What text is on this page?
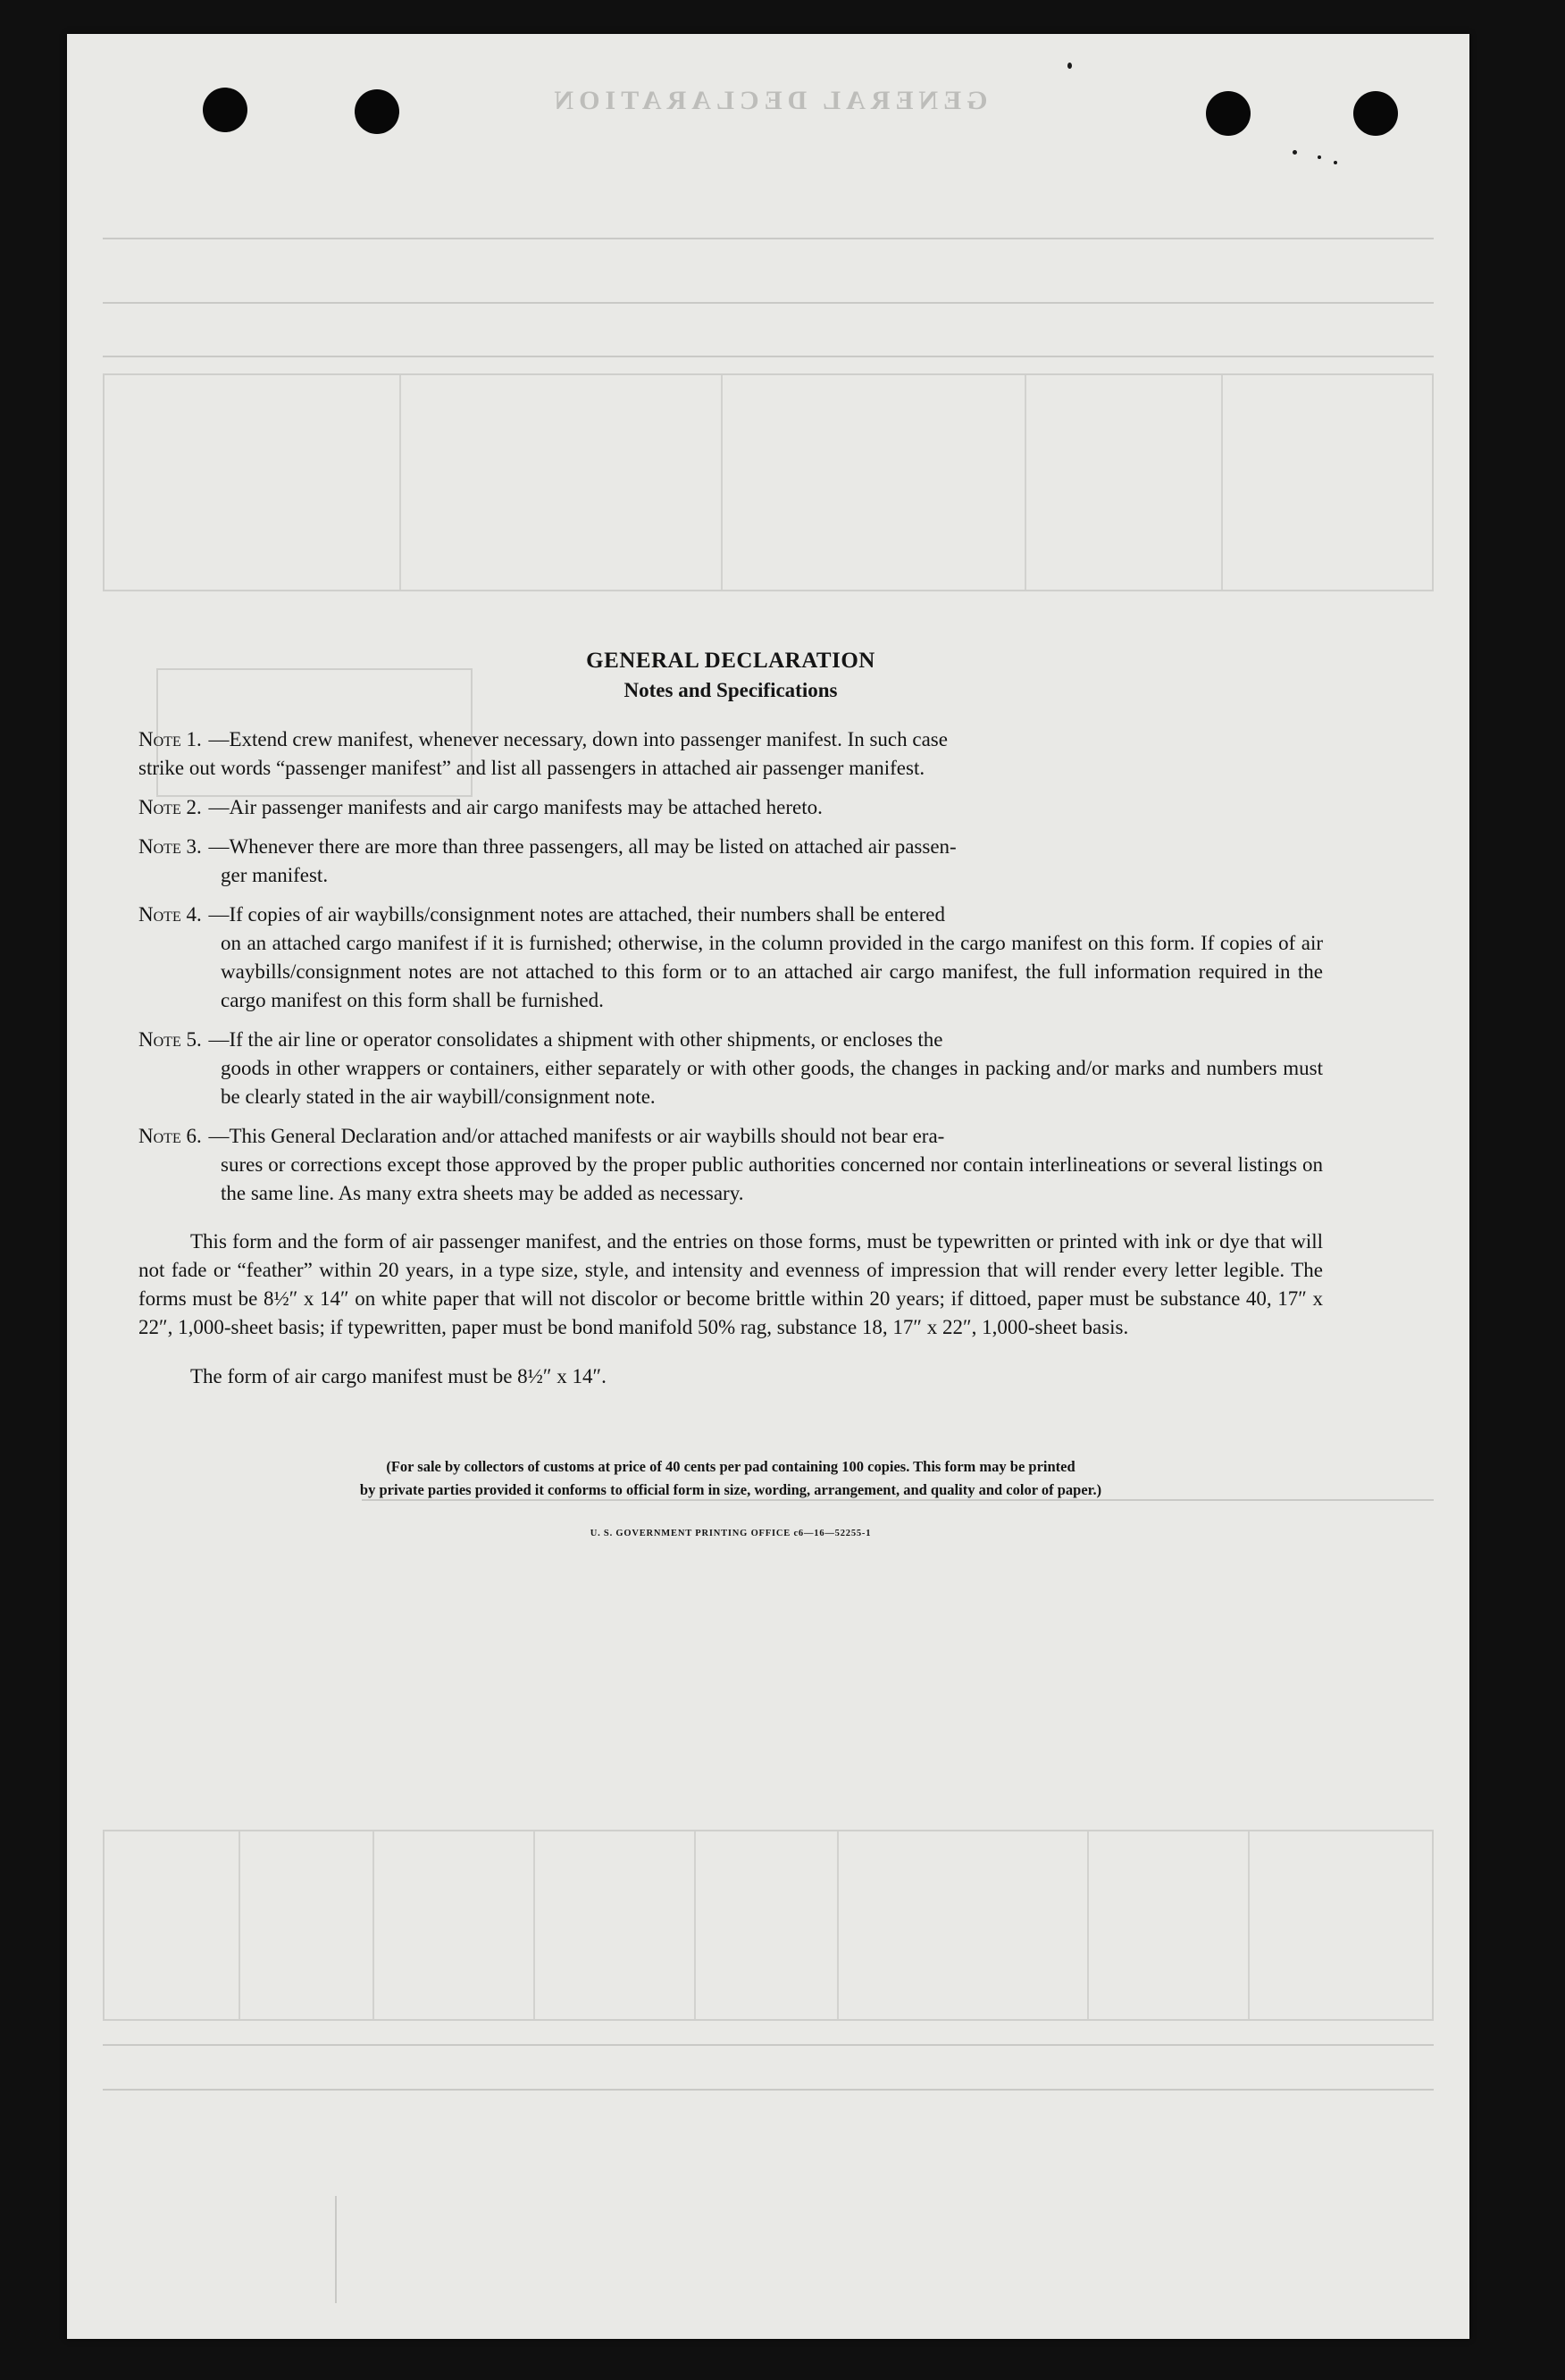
GENERAL DECLARATION
GENERAL DECLARATION
Notes and Specifications
Note 1. —Extend crew manifest, whenever necessary, down into passenger manifest. In such case
strike out words “passenger manifest” and list all passengers in attached air passenger manifest.
Note 2. —Air passenger manifests and air cargo manifests may be attached hereto.
Note 3. —Whenever there are more than three passengers, all may be listed on attached air passen-
ger manifest.
Note 4. —If copies of air waybills/consignment notes are attached, their numbers shall be entered
on an attached cargo manifest if it is furnished; otherwise, in the column provided in the cargo manifest on this form. If copies of air waybills/consignment notes are not attached to this form or to an attached air cargo manifest, the full information required in the cargo manifest on this form shall be furnished.
Note 5. —If the air line or operator consolidates a shipment with other shipments, or encloses the
goods in other wrappers or containers, either separately or with other goods, the changes in packing and/or marks and numbers must be clearly stated in the air waybill/consignment note.
Note 6. —This General Declaration and/or attached manifests or air waybills should not bear era-
sures or corrections except those approved by the proper public authorities concerned nor contain interlineations or several listings on the same line. As many extra sheets may be added as necessary.

This form and the form of air passenger manifest, and the entries on those forms, must be typewritten or printed with ink or dye that will not fade or “feather” within 20 years, in a type size, style, and intensity and evenness of impression that will render every letter legible. The forms must be 8½″ x 14″ on white paper that will not discolor or become brittle within 20 years; if dittoed, paper must be substance 40, 17″ x 22″, 1,000-sheet basis; if typewritten, paper must be bond manifold 50% rag, substance 18, 17″ x 22″, 1,000-sheet basis.

The form of air cargo manifest must be 8½″ x 14″.
(For sale by collectors of customs at price of 40 cents per pad containing 100 copies. This form may be printed
by private parties provided it conforms to official form in size, wording, arrangement, and quality and color of paper.)
U. S. GOVERNMENT PRINTING OFFICE c6—16—52255-1
